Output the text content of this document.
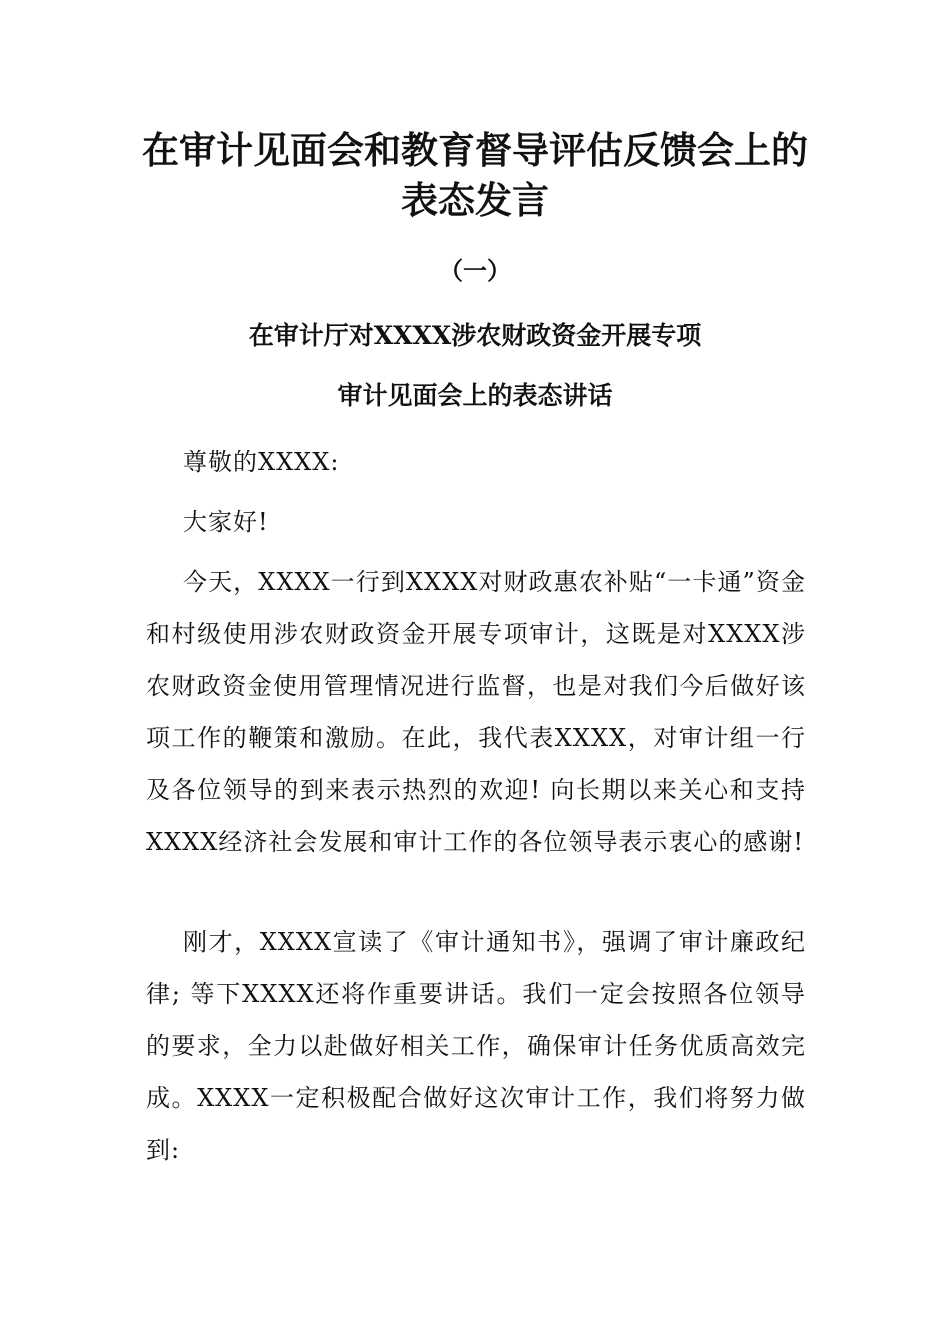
在审计见面会和教育督导评估反馈会上的
表态发言
（一）
在审计厅对XXXX涉农财政资金开展专项
审计见面会上的表态讲话

尊敬的XXXX:

大家好!

今天，XXXX一行到XXXX对财政惠农补贴“一卡通”资金和村级使用涉农财政资金开展专项审计，这既是对XXXX涉农财政资金使用管理情况进行监督，也是对我们今后做好该项工作的鞭策和激励。在此，我代表XXXX，对审计组一行及各位领导的到来表示热烈的欢迎! 向长期以来关心和支持XXXX经济社会发展和审计工作的各位领导表示衷心的感谢!

刚才，XXXX宣读了《审计通知书》，强调了审计廉政纪律; 等下XXXX还将作重要讲话。我们一定会按照各位领导的要求，全力以赴做好相关工作，确保审计任务优质高效完成。XXXX一定积极配合做好这次审计工作，我们将努力做到:
